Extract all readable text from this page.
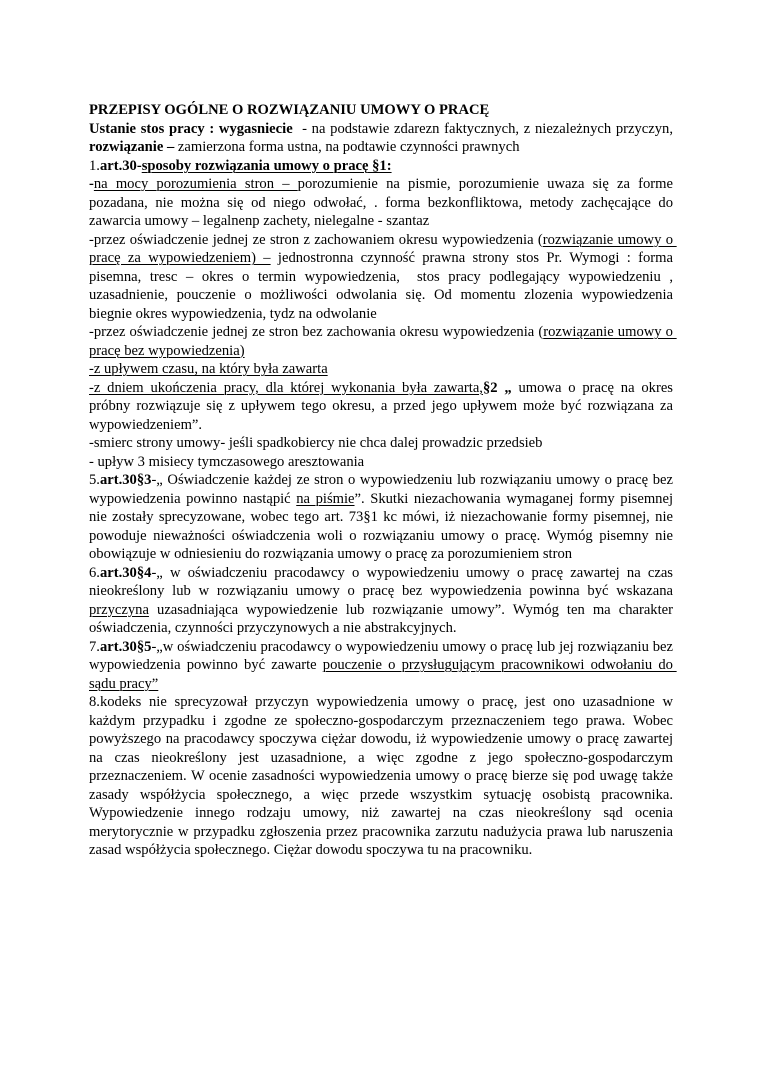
PRZEPISY OGÓLNE O ROZWIĄZANIU UMOWY O PRACĘ

Ustanie stos pracy : wygasniecie  - na podstawie zdarezn faktycznych, z niezależnych przyczyn, rozwiązanie – zamierzona forma ustna, na podtawie czynności prawnych

1.art.30-sposoby rozwiązania umowy o pracę §1:

-na mocy porozumienia stron – porozumienie na pismie, porozumienie uwaza się za forme pozadana, nie można się od niego odwołać, . forma bezkonfliktowa, metody zachęcające do zawarcia umowy – legalnenp zachety, nielegalne - szantaz

-przez oświadczenie jednej ze stron z zachowaniem okresu wypowiedzenia (rozwiązanie umowy o pracę za wypowiedzeniem) – jednostronna czynność prawna strony stos Pr. Wymogi : forma pisemna, tresc – okres o termin wypowiedzenia,  stos pracy podlegający wypowiedzeniu ,  uzasadnienie, pouczenie o możliwości odwolania się. Od momentu zlozenia wypowiedzenia biegnie okres wypowiedzenia, tydz na odwolanie

-przez oświadczenie jednej ze stron bez zachowania okresu wypowiedzenia (rozwiązanie umowy o pracę bez wypowiedzenia)

-z upływem czasu, na który była zawarta

-z dniem ukończenia pracy, dla której wykonania była zawarta,§2 „ umowa o pracę na okres próbny rozwiązuje się z upływem tego okresu, a przed jego upływem może być rozwiązana za wypowiedzeniem”.

-smierc strony umowy- jeśli spadkobiercy nie chca dalej prowadzic przedsieb

- upływ 3 misiecy tymczasowego aresztowania

5.art.30§3-„ Oświadczenie każdej ze stron o wypowiedzeniu lub rozwiązaniu umowy o pracę bez wypowiedzenia powinno nastąpić na piśmie”. Skutki niezachowania wymaganej formy pisemnej nie zostały sprecyzowane, wobec tego art. 73§1 kc mówi, iż niezachowanie formy pisemnej, nie powoduje nieważności oświadczenia woli o rozwiązaniu umowy o pracę. Wymóg pisemny nie obowiązuje w odniesieniu do rozwiązania umowy o pracę za porozumieniem stron

6.art.30§4-„ w oświadczeniu pracodawcy o wypowiedzeniu umowy o pracę zawartej na czas nieokreślony lub w rozwiązaniu umowy o pracę bez wypowiedzenia powinna być wskazana przyczyna uzasadniająca wypowiedzenie lub rozwiązanie umowy”. Wymóg ten ma charakter oświadczenia, czynności przyczynowych a nie abstrakcyjnych.

7.art.30§5-„w oświadczeniu pracodawcy o wypowiedzeniu umowy o pracę lub jej rozwiązaniu bez wypowiedzenia powinno być zawarte pouczenie o przysługującym pracownikowi odwołaniu do sądu pracy”

8.kodeks nie sprecyzował przyczyn wypowiedzenia umowy o pracę, jest ono uzasadnione w każdym przypadku i zgodne ze społeczno-gospodarczym przeznaczeniem tego prawa. Wobec powyższego na pracodawcy spoczywa ciężar dowodu, iż wypowiedzenie umowy o pracę zawartej na czas nieokreślony jest uzasadnione, a więc zgodne z jego społeczno-gospodarczym przeznaczeniem. W ocenie zasadności wypowiedzenia umowy o pracę bierze się pod uwagę także zasady współżycia społecznego, a więc przede wszystkim sytuację osobistą pracownika. Wypowiedzenie innego rodzaju umowy, niż zawartej na czas nieokreślony sąd ocenia merytorycznie w przypadku zgłoszenia przez pracownika zarzutu nadużycia prawa lub naruszenia zasad współżycia społecznego. Ciężar dowodu spoczywa tu na pracowniku.
